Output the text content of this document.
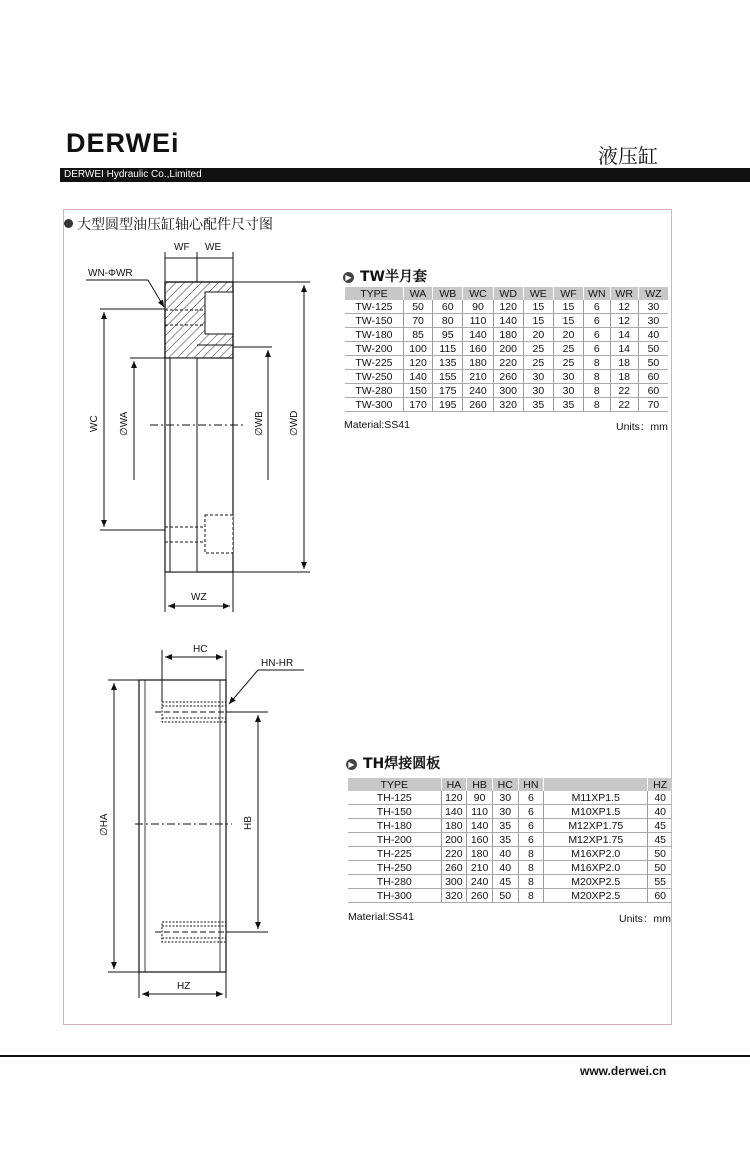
DERWEi	液压缸
DERWEI Hydraulic Co.,Limited
大型圆型油压缸轴心配件尺寸图
WF WE
WN-ΦWR
WC ∅WA	∅WB ∅WD
WZ
HC
HN-HR
∅HA	HB
HZ
▶ TW半月套
TYPE	WA	WB	WC	WD	WE	WF	WN	WR	WZ
TW-125	50	60	90	120	15	15	6	12	30
TW-150	70	80	110	140	15	15	6	12	30
TW-180	85	95	140	180	20	20	6	14	40
TW-200	100	115	160	200	25	25	6	14	50
TW-225	120	135	180	220	25	25	8	18	50
TW-250	140	155	210	260	30	30	8	18	60
TW-280	150	175	240	300	30	30	8	22	60
TW-300	170	195	260	320	35	35	8	22	70
Material:SS41	Units：mm
▶ TH焊接圆板
TYPE	HA	HB	HC	HN		HZ
TH-125	120	90	30	6	M11XP1.5	40
TH-150	140	110	30	6	M10XP1.5	40
TH-180	180	140	35	6	M12XP1.75	45
TH-200	200	160	35	6	M12XP1.75	45
TH-225	220	180	40	8	M16XP2.0	50
TH-250	260	210	40	8	M16XP2.0	50
TH-280	300	240	45	8	M20XP2.5	55
TH-300	320	260	50	8	M20XP2.5	60
Material:SS41	Units：mm
www.derwei.cn
